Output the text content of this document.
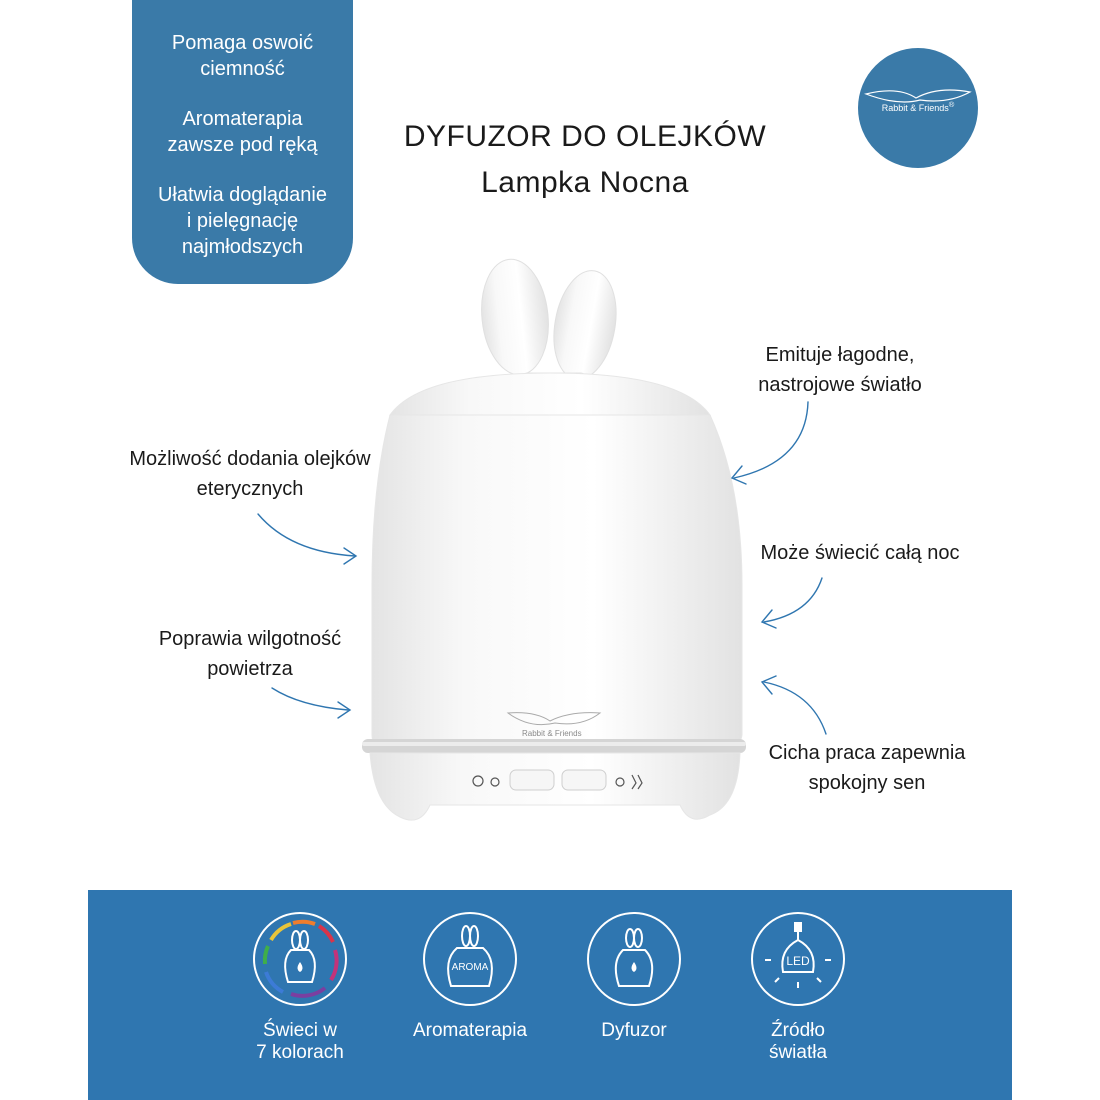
Pomaga oswoić
ciemność
Aromaterapia
zawsze pod ręką
Ułatwia doglądanie
i pielęgnację
najmłodszych
Rabbit & Friends®
DYFUZOR DO OLEJKÓW
Lampka Nocna
Rabbit & Friends
Możliwość dodania olejków
eterycznych
Poprawia wilgotność
powietrza
Emituje łagodne,
nastrojowe światło
Może świecić całą noc
Cicha praca zapewnia
spokojny sen
Świeci w
7 kolorach
AROMA
Aromaterapia	Dyfuzor
LED
Źródło
światła
